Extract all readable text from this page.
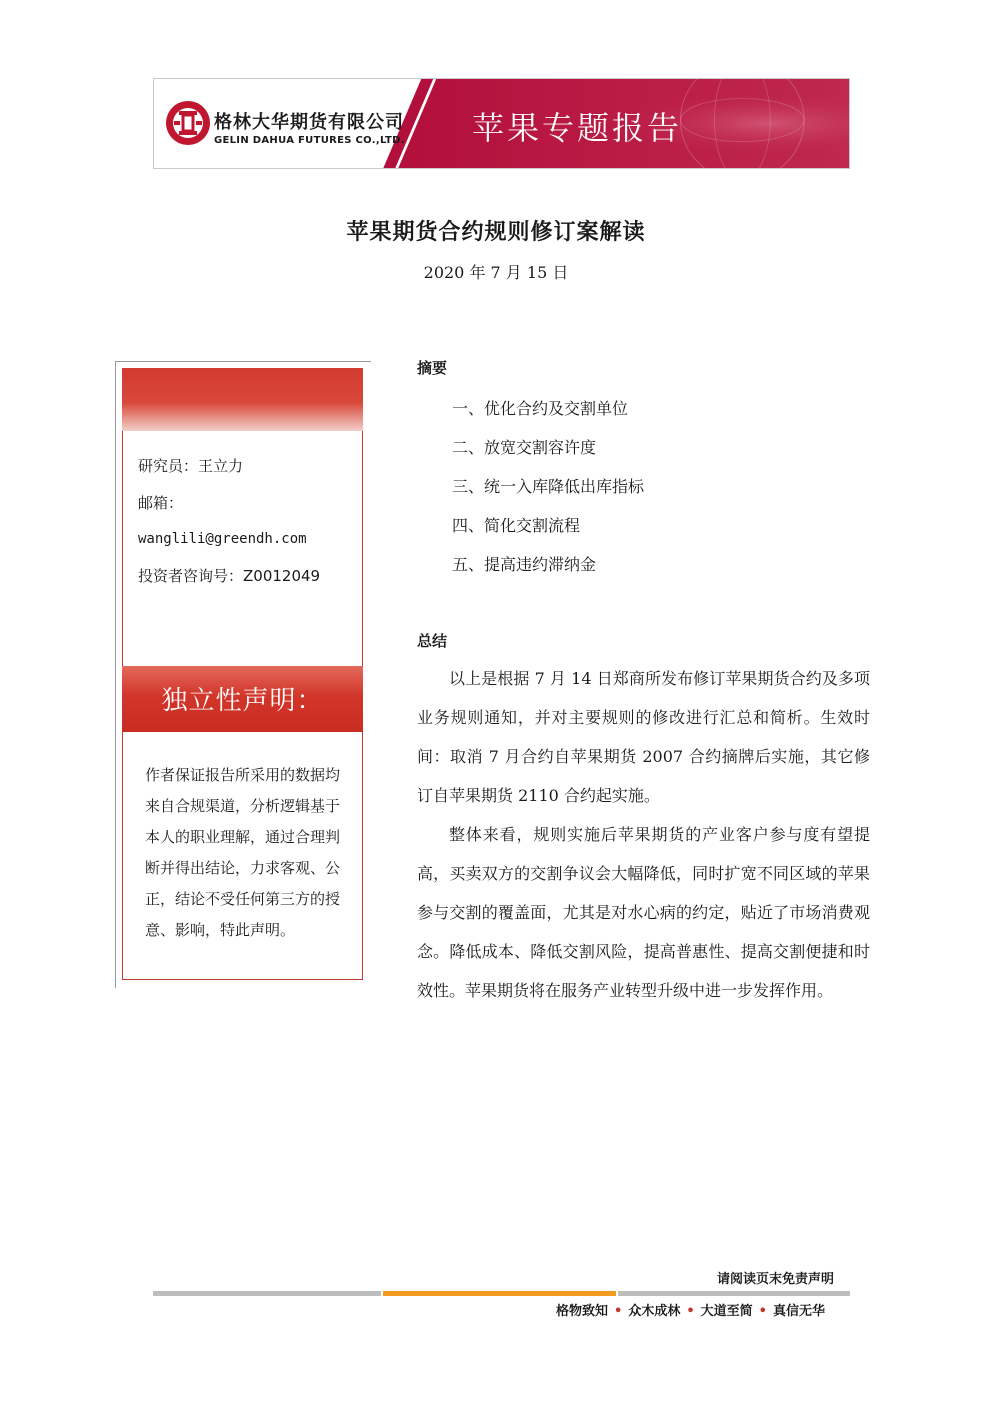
格林大华期货有限公司
GELIN DAHUA FUTURES CO.,LTD. 苹果专题报告
苹果期货合约规则修订案解读
2020 年 7 月 15 日
研究员：王立力
邮箱：
wanglili@greendh.com
投资者咨询号：Z0012049
独立性声明：
作者保证报告所采用的数据均来自合规渠道，分析逻辑基于本人的职业理解，通过合理判断并得出结论，力求客观、公正，结论不受任何第三方的授意、影响，特此声明。
摘要
一、优化合约及交割单位
二、放宽交割容许度
三、统一入库降低出库指标
四、简化交割流程
五、提高违约滞纳金
总结
以上是根据 7 月 14 日郑商所发布修订苹果期货合约及多项业务规则通知，并对主要规则的修改进行汇总和简析。生效时间：取消 7 月合约自苹果期货 2007 合约摘牌后实施，其它修订自苹果期货 2110 合约起实施。
整体来看，规则实施后苹果期货的产业客户参与度有望提高，买卖双方的交割争议会大幅降低，同时扩宽不同区域的苹果参与交割的覆盖面，尤其是对水心病的约定，贴近了市场消费观念。降低成本、降低交割风险，提高普惠性、提高交割便捷和时效性。苹果期货将在服务产业转型升级中进一步发挥作用。
请阅读页末免责声明
格物致知 • 众木成林 • 大道至简 • 真信无华
